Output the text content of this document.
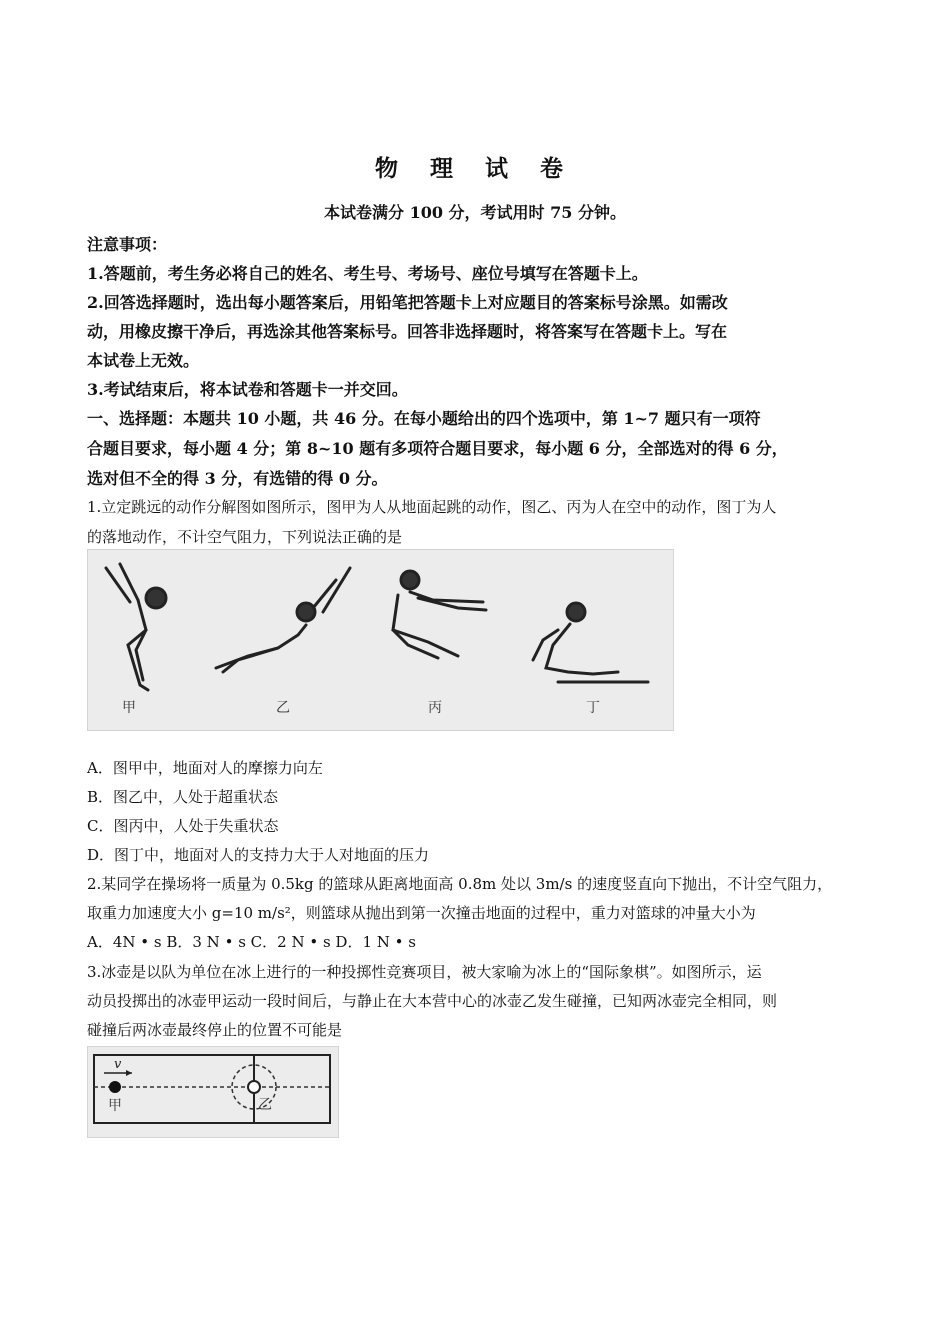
物 理 试 卷
本试卷满分 100 分，考试用时 75 分钟。
注意事项：
1.答题前，考生务必将自己的姓名、考生号、考场号、座位号填写在答题卡上。
2.回答选择题时，选出每小题答案后，用铅笔把答题卡上对应题目的答案标号涂黑。如需改
动，用橡皮擦干净后，再选涂其他答案标号。回答非选择题时，将答案写在答题卡上。写在
本试卷上无效。
3.考试结束后，将本试卷和答题卡一并交回。
一、选择题：本题共 10 小题，共 46 分。在每小题给出的四个选项中，第 1~7 题只有一项符
合题目要求，每小题 4 分；第 8~10 题有多项符合题目要求，每小题 6 分，全部选对的得 6 分，
选对但不全的得 3 分，有选错的得 0 分。
1.立定跳远的动作分解图如图所示，图甲为人从地面起跳的动作，图乙、丙为人在空中的动作，图丁为人
的落地动作，不计空气阻力，下列说法正确的是
甲	乙	丙	丁
A．图甲中，地面对人的摩擦力向左
B．图乙中，人处于超重状态
C．图丙中，人处于失重状态
D．图丁中，地面对人的支持力大于人对地面的压力
2.某同学在操场将一质量为 0.5kg 的篮球从距离地面高 0.8m 处以 3m/s 的速度竖直向下抛出，不计空气阻力，
取重力加速度大小 g=10 m/s²，则篮球从抛出到第一次撞击地面的过程中，重力对篮球的冲量大小为
A．4N • s B．3 N • s C．2 N • s D．1 N • s
3.冰壶是以队为单位在冰上进行的一种投掷性竞赛项目，被大家喻为冰上的“国际象棋”。如图所示，运
动员投掷出的冰壶甲运动一段时间后，与静止在大本营中心的冰壶乙发生碰撞，已知两冰壶完全相同，则
碰撞后两冰壶最终停止的位置不可能是
v
甲	乙
